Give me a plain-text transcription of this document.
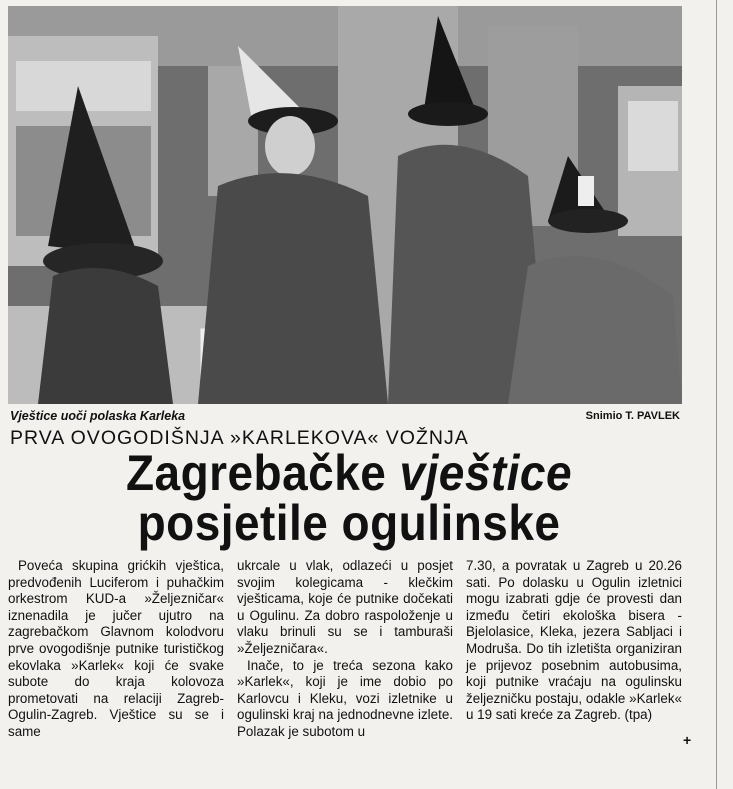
Vještice uoči polaska Karleka	Snimio T. PAVLEK
PRVA OVOGODIŠNJA »KARLEKOVA« VOŽNJA
Zagrebačke vještice
posjetile ogulinske

Poveća skupina grićkih vještica, predvođenih Luciferom i puhačkim orkestrom KUD-a »Željezničar« iznenadila je jučer ujutro na zagrebačkom Glavnom kolodvoru prve ovogodišnje putnike turističkog ekovlaka »Karlek« koji će svake subote do kraja kolovoza prometovati na relaciji Zagreb-Ogulin-Zagreb. Vještice su se i same

ukrcale u vlak, odlazeći u posjet svojim kolegicama - klečkim vješticama, koje će putnike dočekati u Ogulinu. Za dobro raspoloženje u vlaku brinuli su se i tamburaši »Željezničara«.

Inače, to je treća sezona kako »Karlek«, koji je ime dobio po Karlovcu i Kleku, vozi izletnike u ogulinski kraj na jednodnevne izlete. Polazak je subotom u

7.30, a povratak u Zagreb u 20.26 sati. Po dolasku u Ogulin izletnici mogu izabrati gdje će provesti dan između četiri ekološka bisera - Bjelolasice, Kleka, jezera Sabljaci i Modruša. Do tih izletišta organiziran je prijevoz posebnim autobusima, koji putnike vraćaju na ogulinsku željezničku postaju, odakle »Karlek« u 19 sati kreće za Zagreb. (tpa)

+
